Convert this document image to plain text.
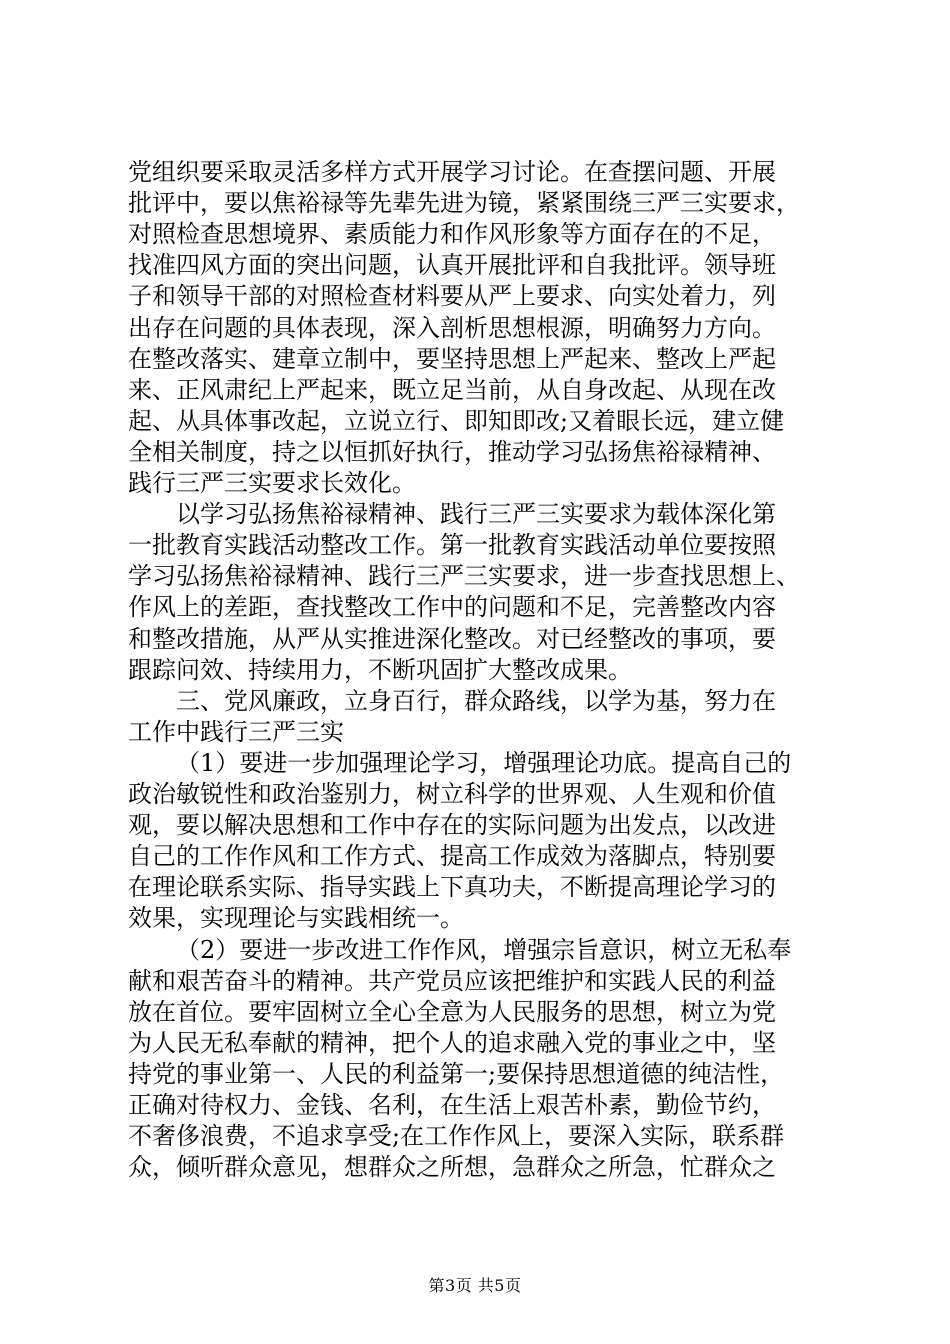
党组织要采取灵活多样方式开展学习讨论。在查摆问题、开展
批评中，要以焦裕禄等先辈先进为镜，紧紧围绕三严三实要求，
对照检查思想境界、素质能力和作风形象等方面存在的不足，
找准四风方面的突出问题，认真开展批评和自我批评。领导班
子和领导干部的对照检查材料要从严上要求、向实处着力，列
出存在问题的具体表现，深入剖析思想根源，明确努力方向。
在整改落实、建章立制中，要坚持思想上严起来、整改上严起
来、正风肃纪上严起来，既立足当前，从自身改起、从现在改
起、从具体事改起，立说立行、即知即改;又着眼长远，建立健
全相关制度，持之以恒抓好执行，推动学习弘扬焦裕禄精神、
践行三严三实要求长效化。
以学习弘扬焦裕禄精神、践行三严三实要求为载体深化第
一批教育实践活动整改工作。第一批教育实践活动单位要按照
学习弘扬焦裕禄精神、践行三严三实要求，进一步查找思想上、
作风上的差距，查找整改工作中的问题和不足，完善整改内容
和整改措施，从严从实推进深化整改。对已经整改的事项，要
跟踪问效、持续用力，不断巩固扩大整改成果。
三、党风廉政，立身百行，群众路线，以学为基，努力在
工作中践行三严三实
（1）要进一步加强理论学习，增强理论功底。提高自己的
政治敏锐性和政治鉴别力，树立科学的世界观、人生观和价值
观，要以解决思想和工作中存在的实际问题为出发点，以改进
自己的工作作风和工作方式、提高工作成效为落脚点，特别要
在理论联系实际、指导实践上下真功夫，不断提高理论学习的
效果，实现理论与实践相统一。
（2）要进一步改进工作作风，增强宗旨意识，树立无私奉
献和艰苦奋斗的精神。共产党员应该把维护和实践人民的利益
放在首位。要牢固树立全心全意为人民服务的思想，树立为党
为人民无私奉献的精神，把个人的追求融入党的事业之中，坚
持党的事业第一、人民的利益第一;要保持思想道德的纯洁性，
正确对待权力、金钱、名利，在生活上艰苦朴素，勤俭节约，
不奢侈浪费，不追求享受;在工作作风上，要深入实际，联系群
众，倾听群众意见，想群众之所想，急群众之所急，忙群众之
第3页 共5页
